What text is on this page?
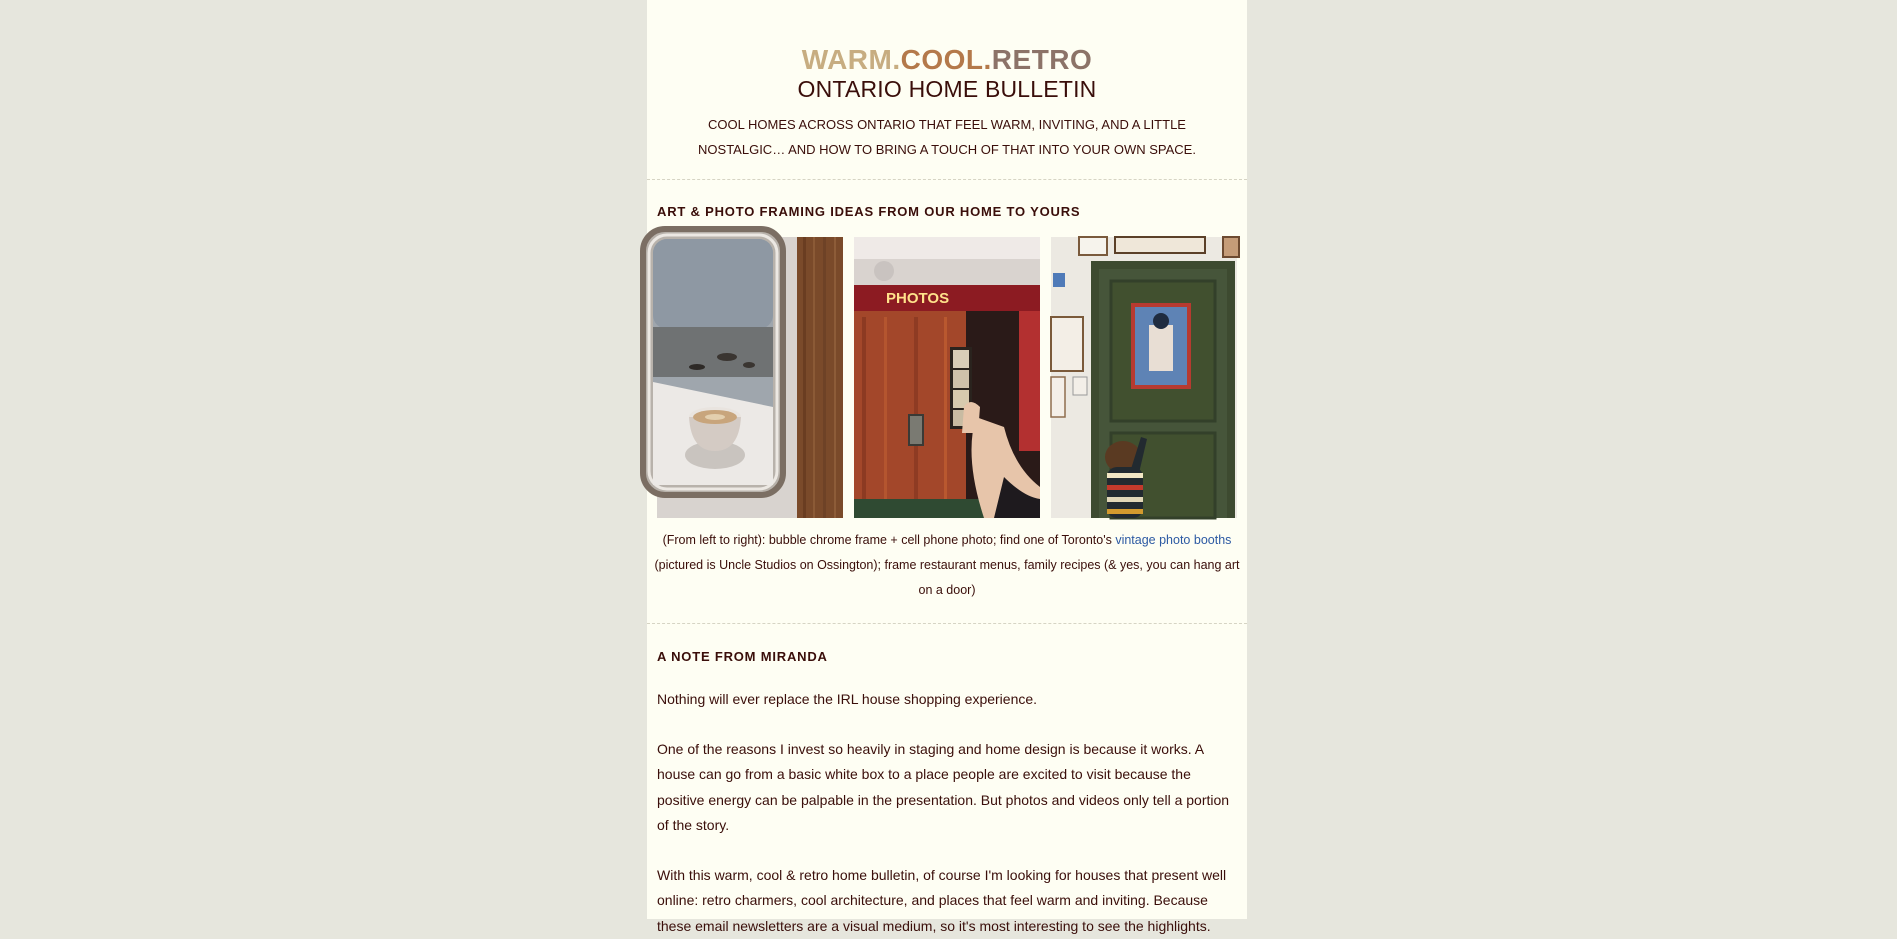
WARM.COOL.RETRO

ONTARIO HOME BULLETIN

COOL HOMES ACROSS ONTARIO THAT FEEL WARM, INVITING, AND A LITTLE NOSTALGIC… AND HOW TO BRING A TOUCH OF THAT INTO YOUR OWN SPACE.

ART & PHOTO FRAMING IDEAS FROM OUR HOME TO YOURS
PHOTOS

(From left to right): bubble chrome frame + cell phone photo; find one of Toronto's vintage photo booths (pictured is Uncle Studios on Ossington); frame restaurant menus, family recipes (& yes, you can hang art on a door)

A NOTE FROM MIRANDA

Nothing will ever replace the IRL house shopping experience.

One of the reasons I invest so heavily in staging and home design is because it works. A house can go from a basic white box to a place people are excited to visit because the positive energy can be palpable in the presentation. But photos and videos only tell a portion of the story.

With this warm, cool & retro home bulletin, of course I'm looking for houses that present well online: retro charmers, cool architecture, and places that feel warm and inviting. Because these email newsletters are a visual medium, so it's most interesting to see the highlights.
